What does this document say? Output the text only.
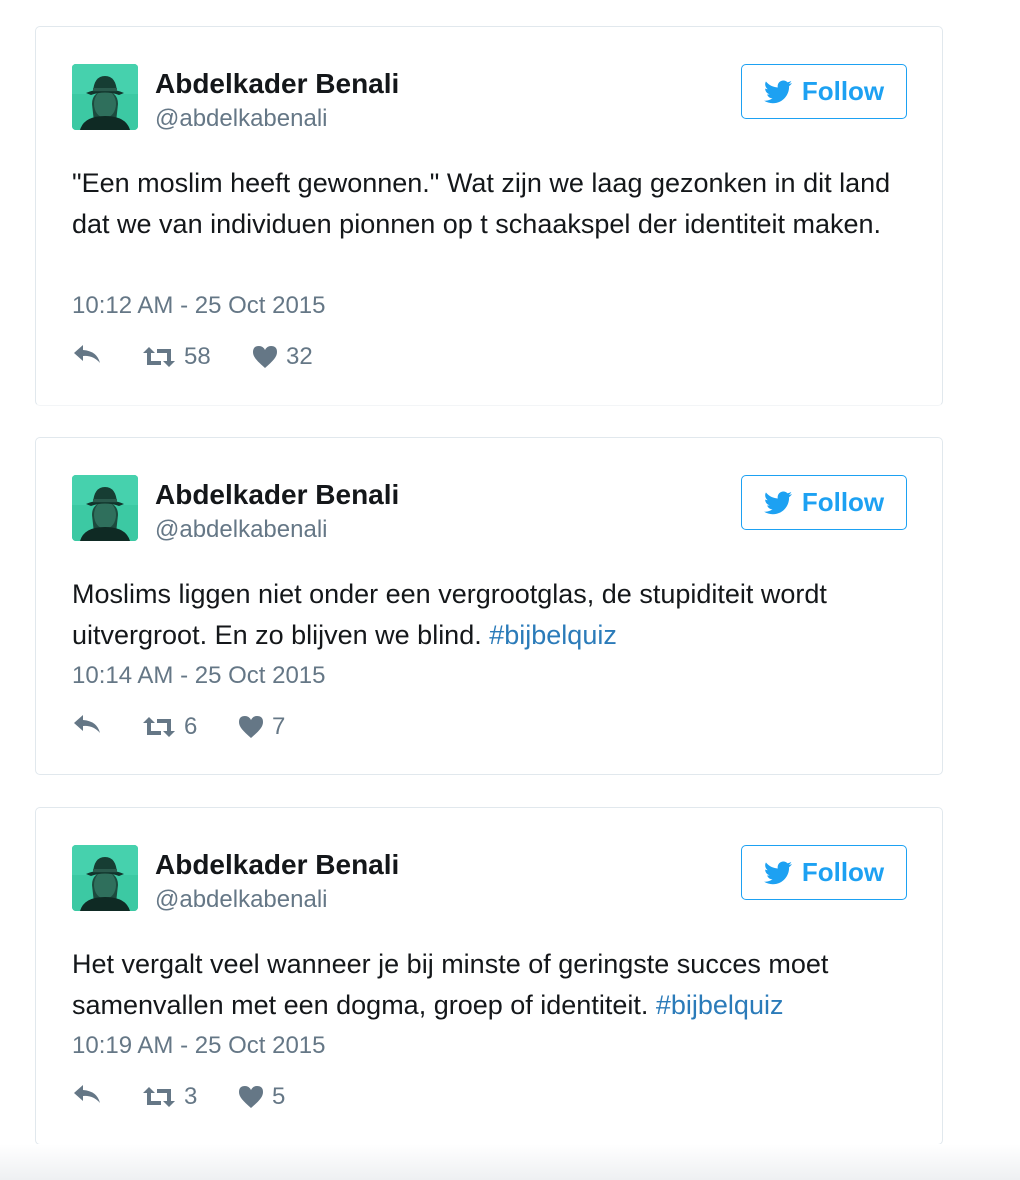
Abdelkader Benali
@abdelkabenali
Follow
"Een moslim heeft gewonnen." Wat zijn we laag gezonken in dit land dat we van individuen pionnen op t schaakspel der identiteit maken.
10:12 AM - 25 Oct 2015
58	32
Abdelkader Benali
@abdelkabenali
Follow
Moslims liggen niet onder een vergrootglas, de stupiditeit wordt uitvergroot. En zo blijven we blind. #bijbelquiz
10:14 AM - 25 Oct 2015
6	7
Abdelkader Benali
@abdelkabenali
Follow
Het vergalt veel wanneer je bij minste of geringste succes moet samenvallen met een dogma, groep of identiteit. #bijbelquiz
10:19 AM - 25 Oct 2015
3	5
